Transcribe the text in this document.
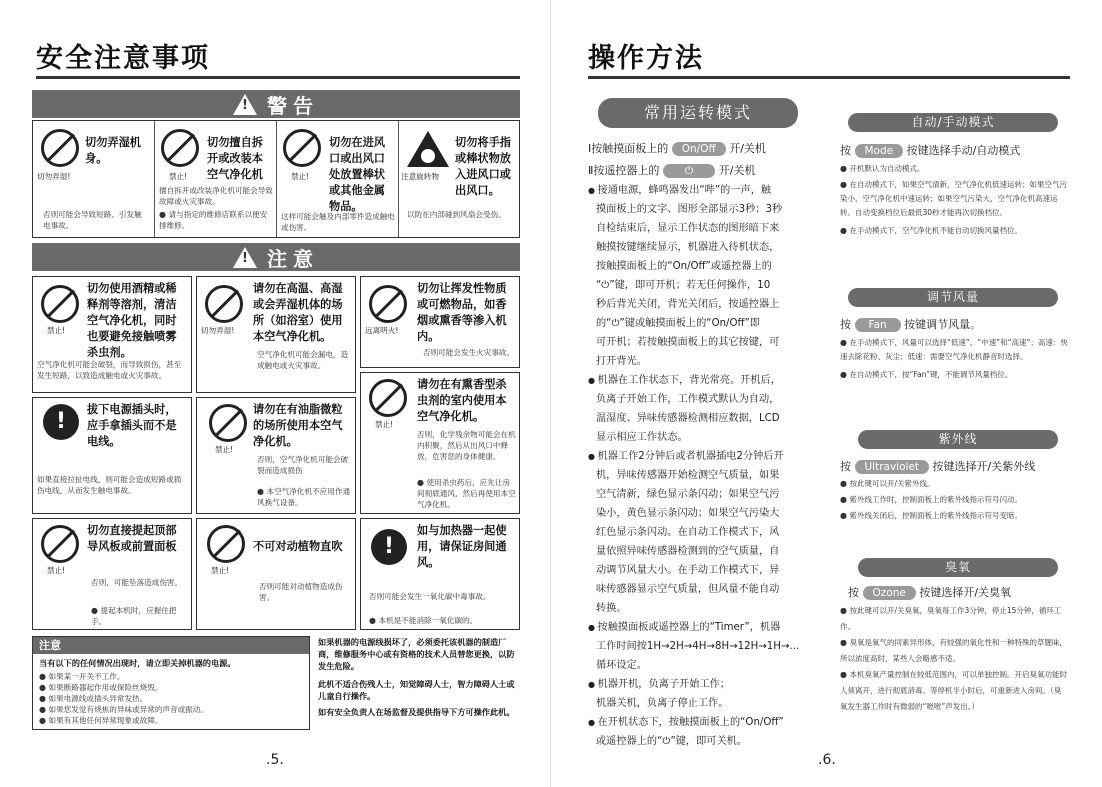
安全注意事项
!
警告
切勿弄湿!
切勿弄湿机
身。
否则可能会导致短路、引发触电事故。
禁止!
切勿擅自拆
开或改装本
空气净化机
擅自拆开或改装净化机可能会导致故障或火灾事故。
● 请与指定的维修店联系以便安排维修。
禁止!
切勿在进风
口或出风口
处放置棒状
或其他金属
物品。
这样可能会触及内部零件造成触电或伤害。
注意旋转物
切勿将手指
或棒状物放
入进风口或
出风口。
以防在内部碰到风扇会受伤。
!
注意
禁止!
切勿使用酒精或稀
释剂等溶剂，清洁
空气净化机，同时
也要避免接触喷雾
杀虫剂。
空气净化机可能会破裂，而导致损伤，甚至发生短路，以致造成触电或火灾事故。
切勿弄湿!
请勿在高温、高湿
或会弄湿机体的场
所（如浴室）使用
本空气净化机。
空气净化机可能会漏电，造成触电或火灾事故。
远离明火!
切勿让挥发性物质
或可燃物品，如香
烟或熏香等渗入机
内。
否则可能会发生火灾事故。
!	拔下电源插头时，
应手拿插头而不是
电线。
如果直接拉扯电线，则可能会造成短路或损伤电线，从而发生触电事故。
禁止!
请勿在有油脂微粒
的场所使用本空气
净化机。
否则，空气净化机可能会破裂而造成损伤
● 本空气净化机不应用作通风换气设备。
禁止!
请勿在有熏香型杀
虫剂的室内使用本
空气净化机。
否则，化学残余物可能会在机内积聚，然后从出风口中释放，危害您的身体健康。
● 使用杀虫药后，应先让房间彻底通风，然后再使用本空气净化机。
禁止!
切勿直接提起顶部
导风板或前置面板
否则，可能坠落造成伤害。
● 提起本机时，应握住把手。
禁止!
不可对动植物直吹
否则可能对动植物造成伤害。
!
如与加热器一起使
用，请保证房间通
风。
否则可能会发生一氧化碳中毒事故。
● 本机是不能消除一氧化碳的。
注意
当有以下的任何情况出现时，请立即关掉机器的电源。
● 如果某一开关不工作。
● 如果断路器起作用或保险丝烧毁。
● 如果电源线或插头异常发热。
● 如果您发觉有烧焦的异味或异常的声音或振动。
● 如果有其他任何异常现象或故障。
如果机器的电源线损坏了，必须委托该机器的制造厂商，维修服务中心或有资格的技术人员替您更换，以防发生危险。
此机不适合伤残人士，知觉障碍人士，智力障碍人士或儿童自行操作。
如有安全负责人在场监督及提供指导下方可操作此机。
.5.
操作方法
常用运转模式
Ⅰ按触摸面板上的 On/Off 开/关机
Ⅱ按遥控器上的 ⏻ 开/关机
● 接通电源，蜂鸣器发出“哔”的一声，触
摸面板上的文字、图形全部显示3秒；3秒
自检结束后，显示工作状态的图形暗下来
触摸按键继续显示，机器进入待机状态，
按触摸面板上的“On/Off”或遥控器上的
“⏻”键，即可开机；若无任何操作，10
秒后背光关闭，背光关闭后，按遥控器上
的“⏻”键或触摸面板上的“On/Off”即
可开机；若按触摸面板上的其它按键，可
打开背光。
● 机器在工作状态下，背光常亮。开机后，
负离子开始工作，工作模式默认为自动，
温湿度、异味传感器检测相应数据，LCD
显示相应工作状态。
● 机器工作2分钟后或者机器插电2分钟后开
机，异味传感器开始检测空气质量，如果
空气清新，绿色显示条闪动；如果空气污
染小，黄色显示条闪动；如果空气污染大
红色显示条闪动。在自动工作模式下，风
量依照异味传感器检测到的空气质量，自
动调节风量大小。在手动工作模式下，异
味传感器显示空气质量，但风量不能自动
转换。
● 按触摸面板或遥控器上的“Timer”，机器
工作时间按1H→2H→4H→8H→12H→1H→...
循环设定。
● 机器开机，负离子开始工作；
机器关机，负离子停止工作。
● 在开机状态下，按触摸面板上的“On/Off”
或遥控器上的“⏻”键，即可关机。
自动/手动模式
按 Mode 按键选择手动/自动模式
● 开机默认为自动模式。
● 在自动模式下，如果空气清新，空气净化机低速运转；如果空气污染小，空气净化机中速运转；如果空气污染大，空气净化机高速运转。自动变换档位后最低30秒才能再次切换档位。
● 在手动模式下，空气净化机不能自动切换风量档位。
调节风量
按 Fan 按键调节风量。
● 在手动模式下，风量可以选择“低速”、“中速”和“高速”；高速：快速去除花粉、灰尘；低速：需要空气净化机静音时选择。
● 在自动模式下，按“Fan”键，不能调节风量档位。
紫外线
按 Ultraviolet 按键选择开/关紫外线
● 按此键可以开/关紫外线。
● 紫外线工作时，控制面板上的紫外线指示符号闪动。
● 紫外线关闭后，控制面板上的紫外线指示符号变暗。
臭氧
按 Ozone 按键选择开/关臭氧
● 按此键可以开/关臭氧，臭氧每工作3分钟，停止15分钟，循环工作。
● 臭氧是氧气的同素异形体，有较强的氧化性和一种特殊的草腥味，所以浓度高时，某些人会略感不适。
● 本机臭氧产量控制在较低范围内，可以单独控制。开启臭氧功能时人须离开，进行彻底消毒。等停机半小时后，可重新进入房间。（臭氧发生器工作时有微弱的“咝咝”声发出。）
.6.
